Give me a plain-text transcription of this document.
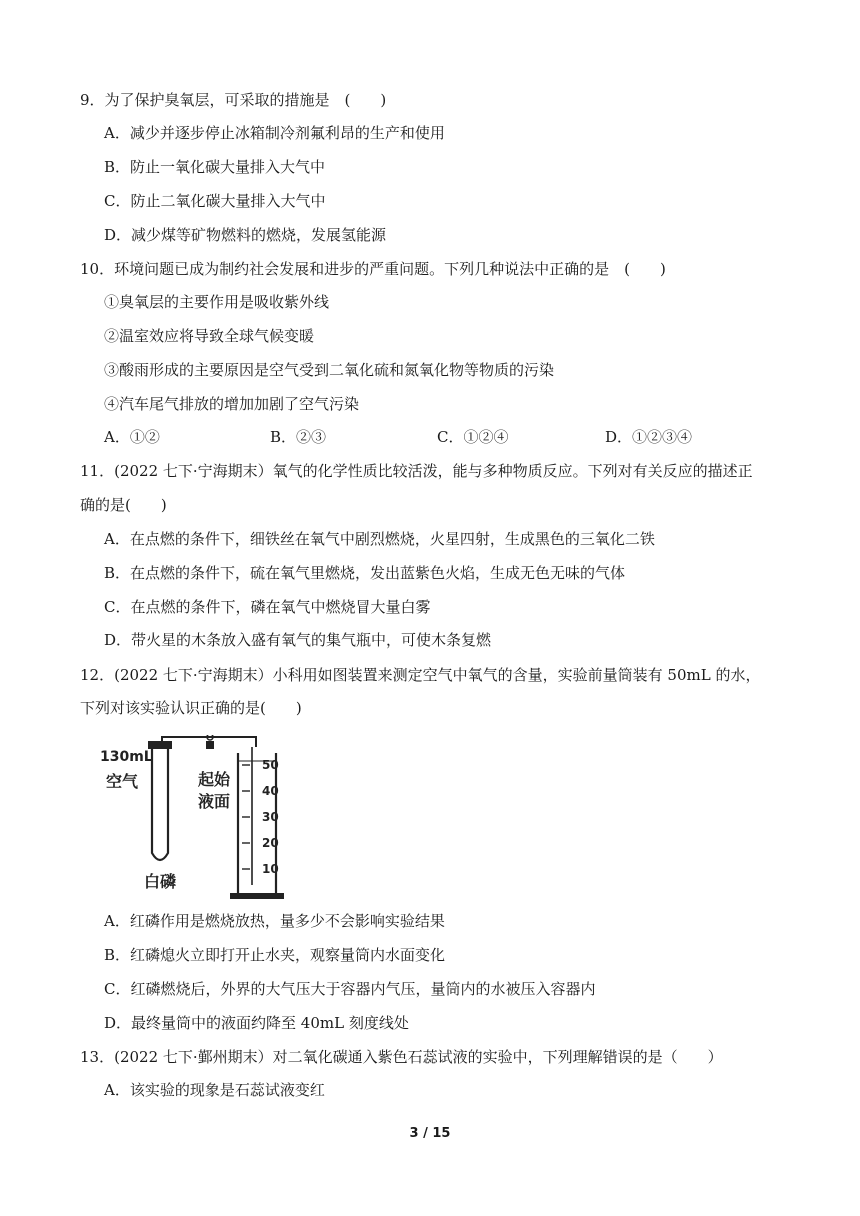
9．为了保护臭氧层，可采取的措施是　(　　)
A．减少并逐步停止冰箱制冷剂氟利昂的生产和使用
B．防止一氧化碳大量排入大气中
C．防止二氧化碳大量排入大气中
D．减少煤等矿物燃料的燃烧，发展氢能源
10．环境问题已成为制约社会发展和进步的严重问题。下列几种说法中正确的是　(　　)
①臭氧层的主要作用是吸收紫外线
②温室效应将导致全球气候变暖
③酸雨形成的主要原因是空气受到二氧化硫和氮氧化物等物质的污染
④汽车尾气排放的增加加剧了空气污染
A．①②	B．②③	C．①②④	D．①②③④
11．(2022 七下·宁海期末）氧气的化学性质比较活泼，能与多种物质反应。下列对有关反应的描述正
确的是(　　)
A．在点燃的条件下，细铁丝在氧气中剧烈燃烧，火星四射，生成黑色的三氧化二铁
B．在点燃的条件下，硫在氧气里燃烧，发出蓝紫色火焰，生成无色无味的气体
C．在点燃的条件下，磷在氧气中燃烧冒大量白雾
D．带火星的木条放入盛有氧气的集气瓶中，可使木条复燃
12．(2022 七下·宁海期末）小科用如图装置来测定空气中氧气的含量，实验前量筒装有 50mL 的水，
下列对该实验认识正确的是(　　)
50
40
30
20
10
130mL
空气	起始
液面
白磷
A．红磷作用是燃烧放热，量多少不会影响实验结果
B．红磷熄火立即打开止水夹，观察量筒内水面变化
C．红磷燃烧后，外界的大气压大于容器内气压，量筒内的水被压入容器内
D．最终量筒中的液面约降至 40mL 刻度线处
13．(2022 七下·鄞州期末）对二氧化碳通入紫色石蕊试液的实验中，下列理解错误的是（　　）
A．该实验的现象是石蕊试液变红
3 / 15
